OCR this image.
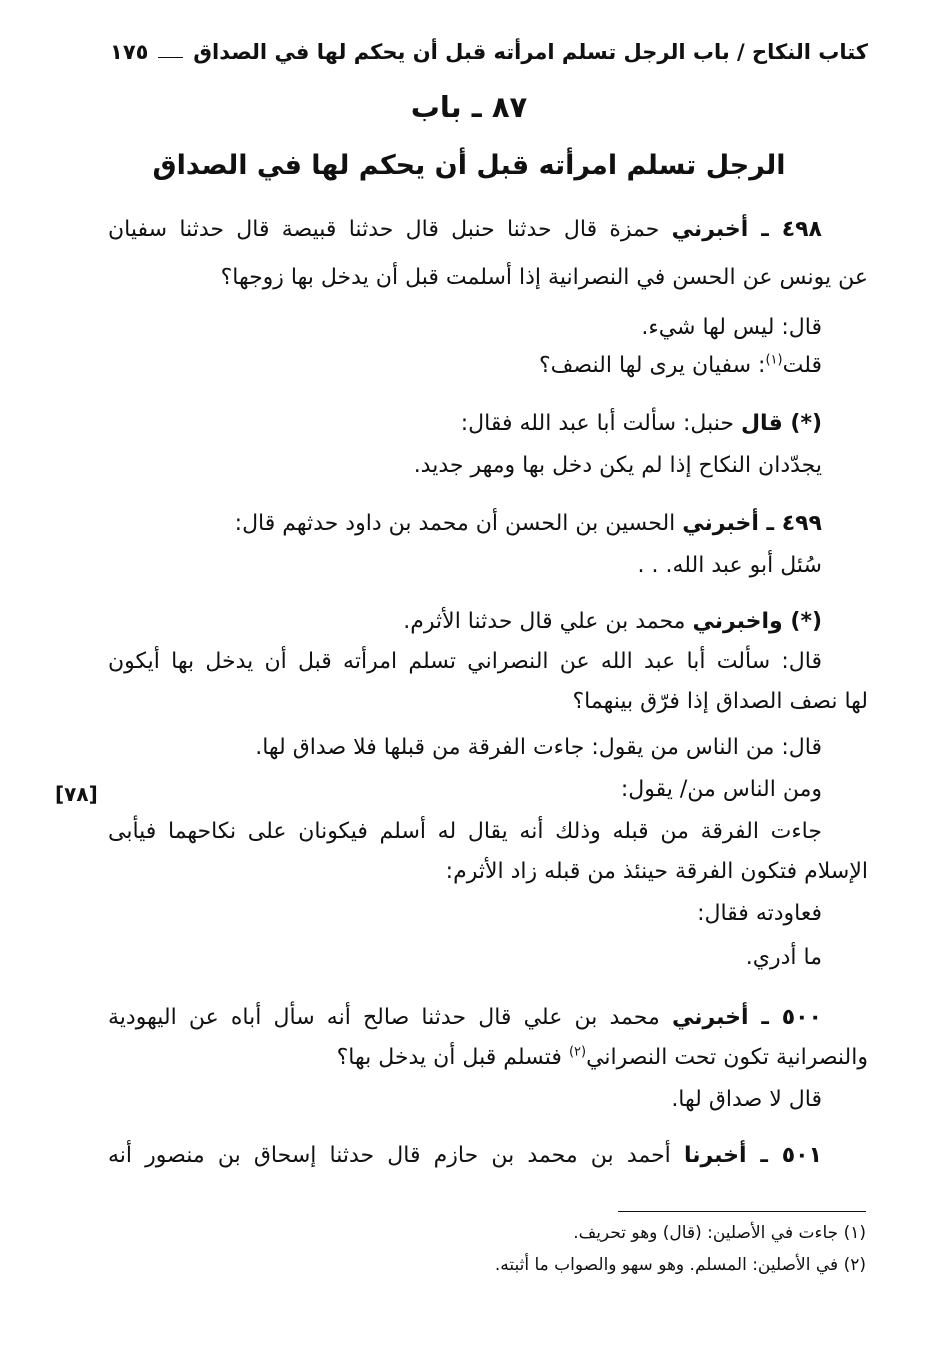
كتاب النكاح / باب الرجل تسلم امرأته قبل أن يحكم لها في الصداق
١٧٥
٨٧ ـ باب
الرجل تسلم امرأته قبل أن يحكم لها في الصداق
٤٩٨ ـ أخبرني حمزة قال حدثنا حنبل قال حدثنا قبيصة قال حدثنا سفيان
عن يونس عن الحسن في النصرانية إذا أسلمت قبل أن يدخل بها زوجها؟
قال: ليس لها شيء.
قلت$^{(١)}$: سفيان يرى لها النصف؟
(*) قال حنبل: سألت أبا عبد الله فقال:
يجدّدان النكاح إذا لم يكن دخل بها ومهر جديد.
٤٩٩ ـ أخبرني الحسين بن الحسن أن محمد بن داود حدثهم قال:
سُئل أبو عبد الله. . .
(*) واخبرني محمد بن علي قال حدثنا الأثرم.
قال: سألت أبا عبد الله عن النصراني تسلم امرأته قبل أن يدخل بها أيكون
لها نصف الصداق إذا فرّق بينهما؟
قال: من الناس من يقول: جاءت الفرقة من قبلها فلا صداق لها.
ومن الناس من/ يقول:
جاءت الفرقة من قبله وذلك أنه يقال له أسلم فيكونان على نكاحهما فيأبى
الإسلام فتكون الفرقة حينئذ من قبله زاد الأثرم:
فعاودته فقال:
ما أدري.
٥٠٠ ـ أخبرني محمد بن علي قال حدثنا صالح أنه سأل أباه عن اليهودية
والنصرانية تكون تحت النصراني$^{(٢)}$ فتسلم قبل أن يدخل بها؟
قال لا صداق لها.
٥٠١ ـ أخبرنا أحمد بن محمد بن حازم قال حدثنا إسحاق بن منصور أنه
[٧٨]
(١) جاءت في الأصلين: (قال) وهو تحريف.
(٢) في الأصلين: المسلم. وهو سهو والصواب ما أثبته.
